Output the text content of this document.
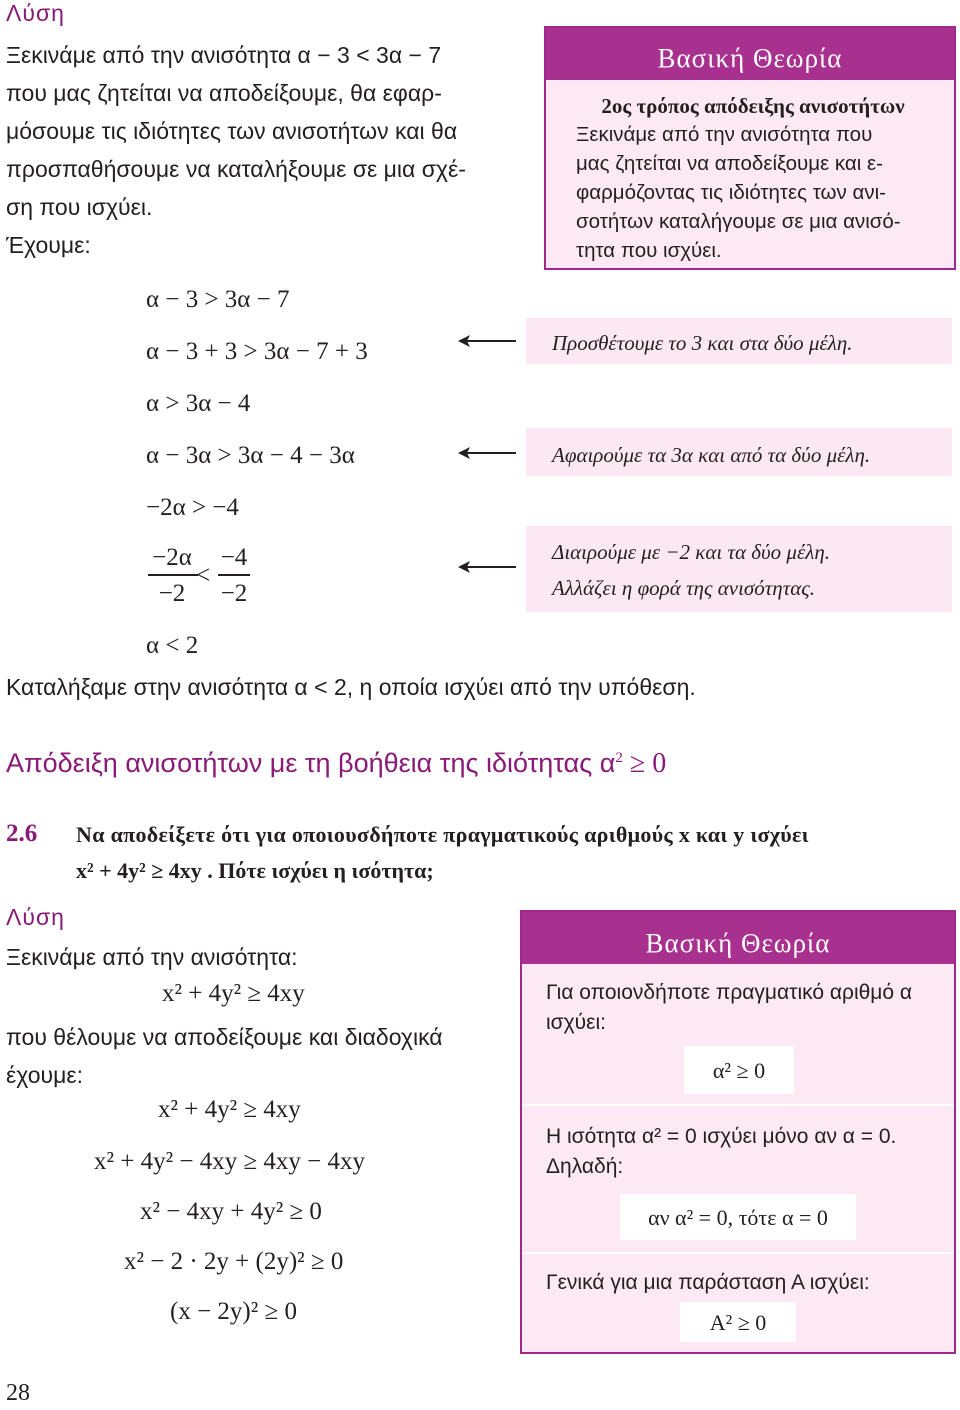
Λύση
Ξεκινάμε από την ανισότητα α − 3 < 3α − 7
που μας ζητείται να αποδείξουμε, θα εφαρ-
μόσουμε τις ιδιότητες των ανισοτήτων και θα
προσπαθήσουμε να καταλήξουμε σε μια σχέ-
ση που ισχύει.
Έχουμε:
Βασική Θεωρία
2ος τρόπος απόδειξης ανισοτήτων
Ξεκινάμε από την ανισότητα που
μας ζητείται να αποδείξουμε και ε-
φαρμόζοντας τις ιδιότητες των ανι-
σοτήτων καταλήγουμε σε μια ανισό-
τητα που ισχύει.
α − 3 > 3α − 7
α − 3 + 3 > 3α − 7 + 3
α > 3α − 4
α − 3α > 3α − 4 − 3α
−2α > −4
−2α
−2
<
−4
−2
α < 2
Προσθέτουμε το 3 και στα δύο μέλη.
Αφαιρούμε τα 3α και από τα δύο μέλη.
Διαιρούμε με −2 και τα δύο μέλη.
Αλλάζει η φορά της ανισότητας.
Καταλήξαμε στην ανισότητα α < 2, η οποία ισχύει από την υπόθεση.
Απόδειξη ανισοτήτων με τη βοήθεια της ιδιότητας $\alpha^2 \ge 0$
2.6 Να αποδείξετε ότι για οποιουσδήποτε πραγματικούς αριθμούς x και y ισχύει
x² + 4y² ≥ 4xy . Πότε ισχύει η ισότητα;
Λύση
Ξεκινάμε από την ανισότητα:
x² + 4y² ≥ 4xy
που θέλουμε να αποδείξουμε και διαδοχικά
έχουμε:
x² + 4y² ≥ 4xy
x² + 4y² − 4xy ≥ 4xy − 4xy
x² − 4xy + 4y² ≥ 0
x² − 2 · 2y + (2y)² ≥ 0
(x − 2y)² ≥ 0
Βασική Θεωρία
Για οποιονδήποτε πραγματικό αριθμό α
ισχύει:
α² ≥ 0
Η ισότητα α² = 0 ισχύει μόνο αν α = 0.
Δηλαδή:
αν α² = 0, τότε α = 0
Γενικά για μια παράσταση Α ισχύει:
A² ≥ 0
28
